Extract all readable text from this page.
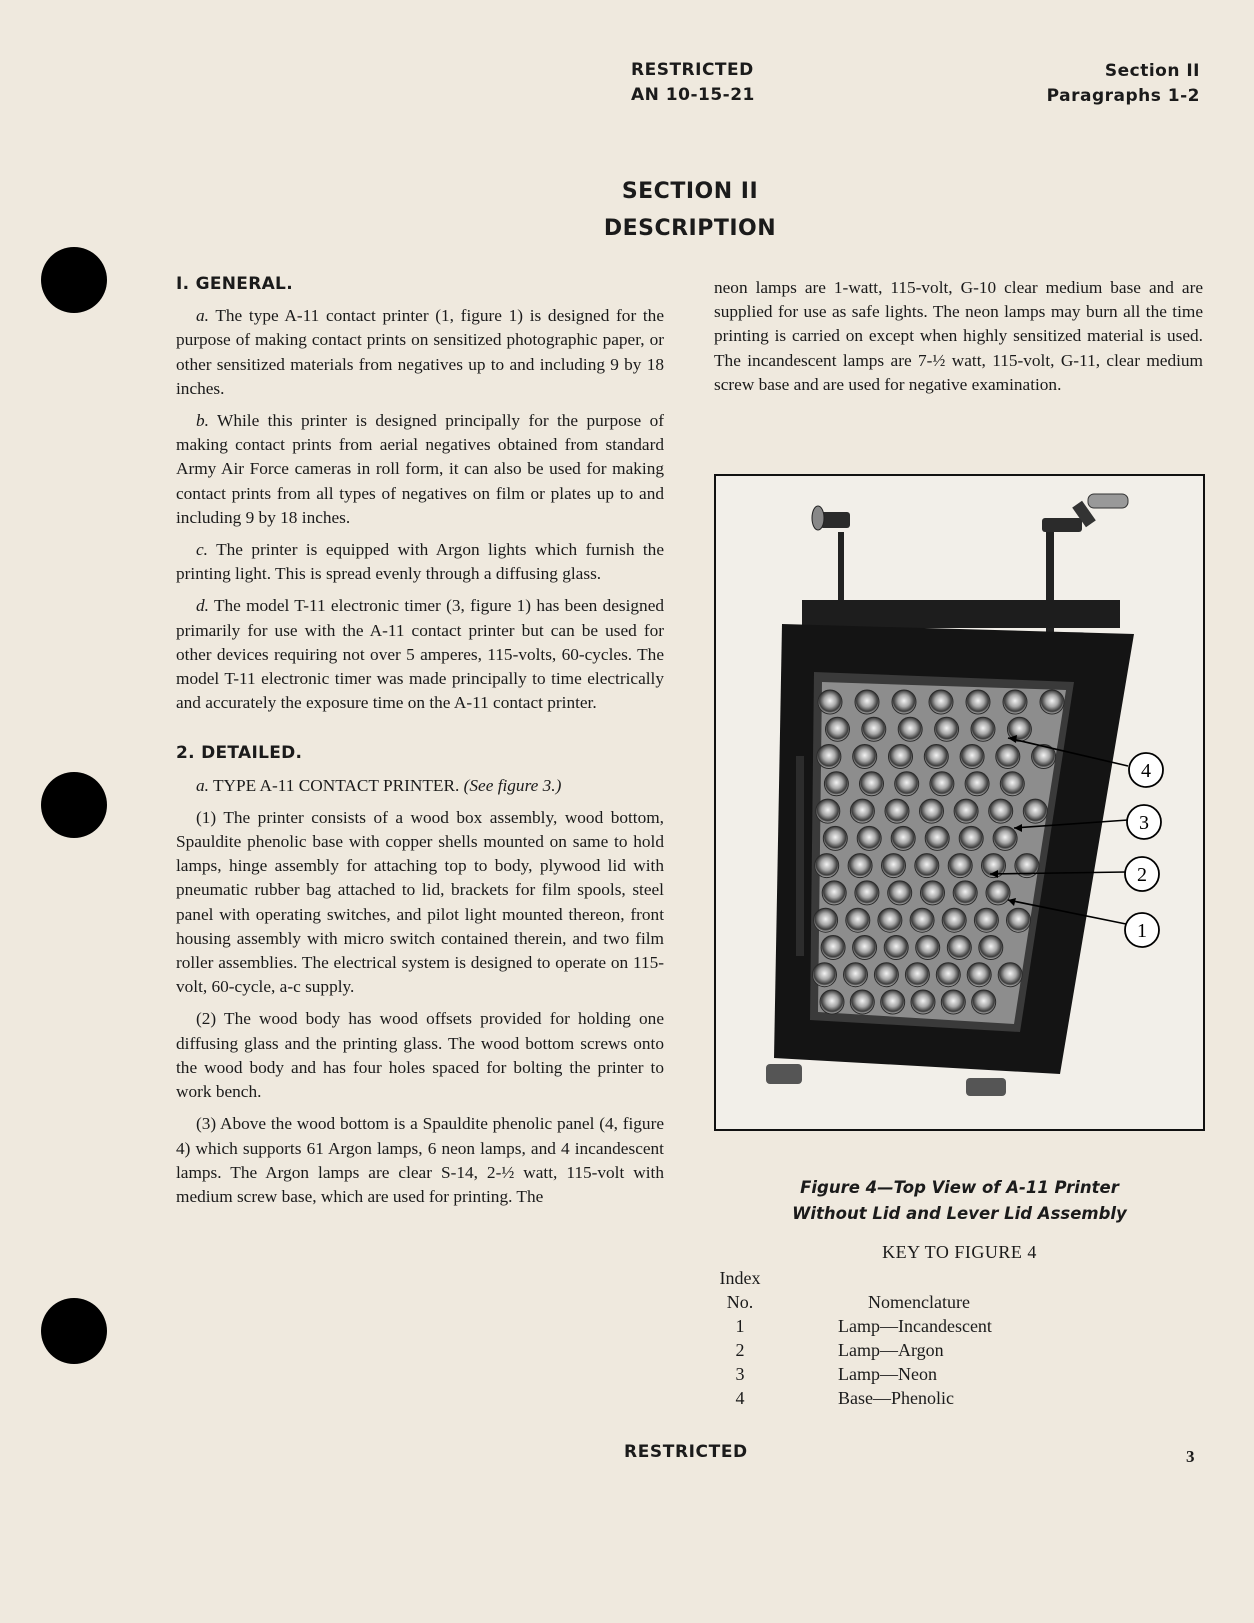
RESTRICTED
AN 10-15-21
Section II
Paragraphs 1-2
SECTION II
DESCRIPTION

I. GENERAL.

a. The type A-11 contact printer (1, figure 1) is designed for the purpose of making contact prints on sensitized photographic paper, or other sensitized materials from negatives up to and including 9 by 18 inches.

b. While this printer is designed principally for the purpose of making contact prints from aerial negatives obtained from standard Army Air Force cameras in roll form, it can also be used for making contact prints from all types of negatives on film or plates up to and including 9 by 18 inches.

c. The printer is equipped with Argon lights which furnish the printing light. This is spread evenly through a diffusing glass.

d. The model T-11 electronic timer (3, figure 1) has been designed primarily for use with the A-11 contact printer but can be used for other devices requiring not over 5 amperes, 115-volts, 60-cycles. The model T-11 electronic timer was made principally to time electrically and accurately the exposure time on the A-11 contact printer.

2. DETAILED.

a. TYPE A-11 CONTACT PRINTER. (See figure 3.)

(1) The printer consists of a wood box assembly, wood bottom, Spauldite phenolic base with copper shells mounted on same to hold lamps, hinge assembly for attaching top to body, plywood lid with pneumatic rubber bag attached to lid, brackets for film spools, steel panel with operating switches, and pilot light mounted thereon, front housing assembly with micro switch contained therein, and two film roller assemblies. The electrical system is designed to operate on 115-volt, 60-cycle, a-c supply.

(2) The wood body has wood offsets provided for holding one diffusing glass and the printing glass. The wood bottom screws onto the wood body and has four holes spaced for bolting the printer to work bench.

(3) Above the wood bottom is a Spauldite phenolic panel (4, figure 4) which supports 61 Argon lamps, 6 neon lamps, and 4 incandescent lamps. The Argon lamps are clear S-14, 2-½ watt, 115-volt with medium screw base, which are used for printing. The

neon lamps are 1-watt, 115-volt, G-10 clear medium base and are supplied for use as safe lights. The neon lamps may burn all the time printing is carried on except when highly sensitized material is used. The incandescent lamps are 7-½ watt, 115-volt, G-11, clear medium screw base and are used for negative examination.

4
3
2
1
Figure 4—Top View of A-11 Printer
Without Lid and Lever Lid Assembly
KEY TO FIGURE 4
Index	
No.	Nomenclature
1	Lamp—Incandescent
2	Lamp—Argon
3	Lamp—Neon
4	Base—Phenolic
RESTRICTED	3
